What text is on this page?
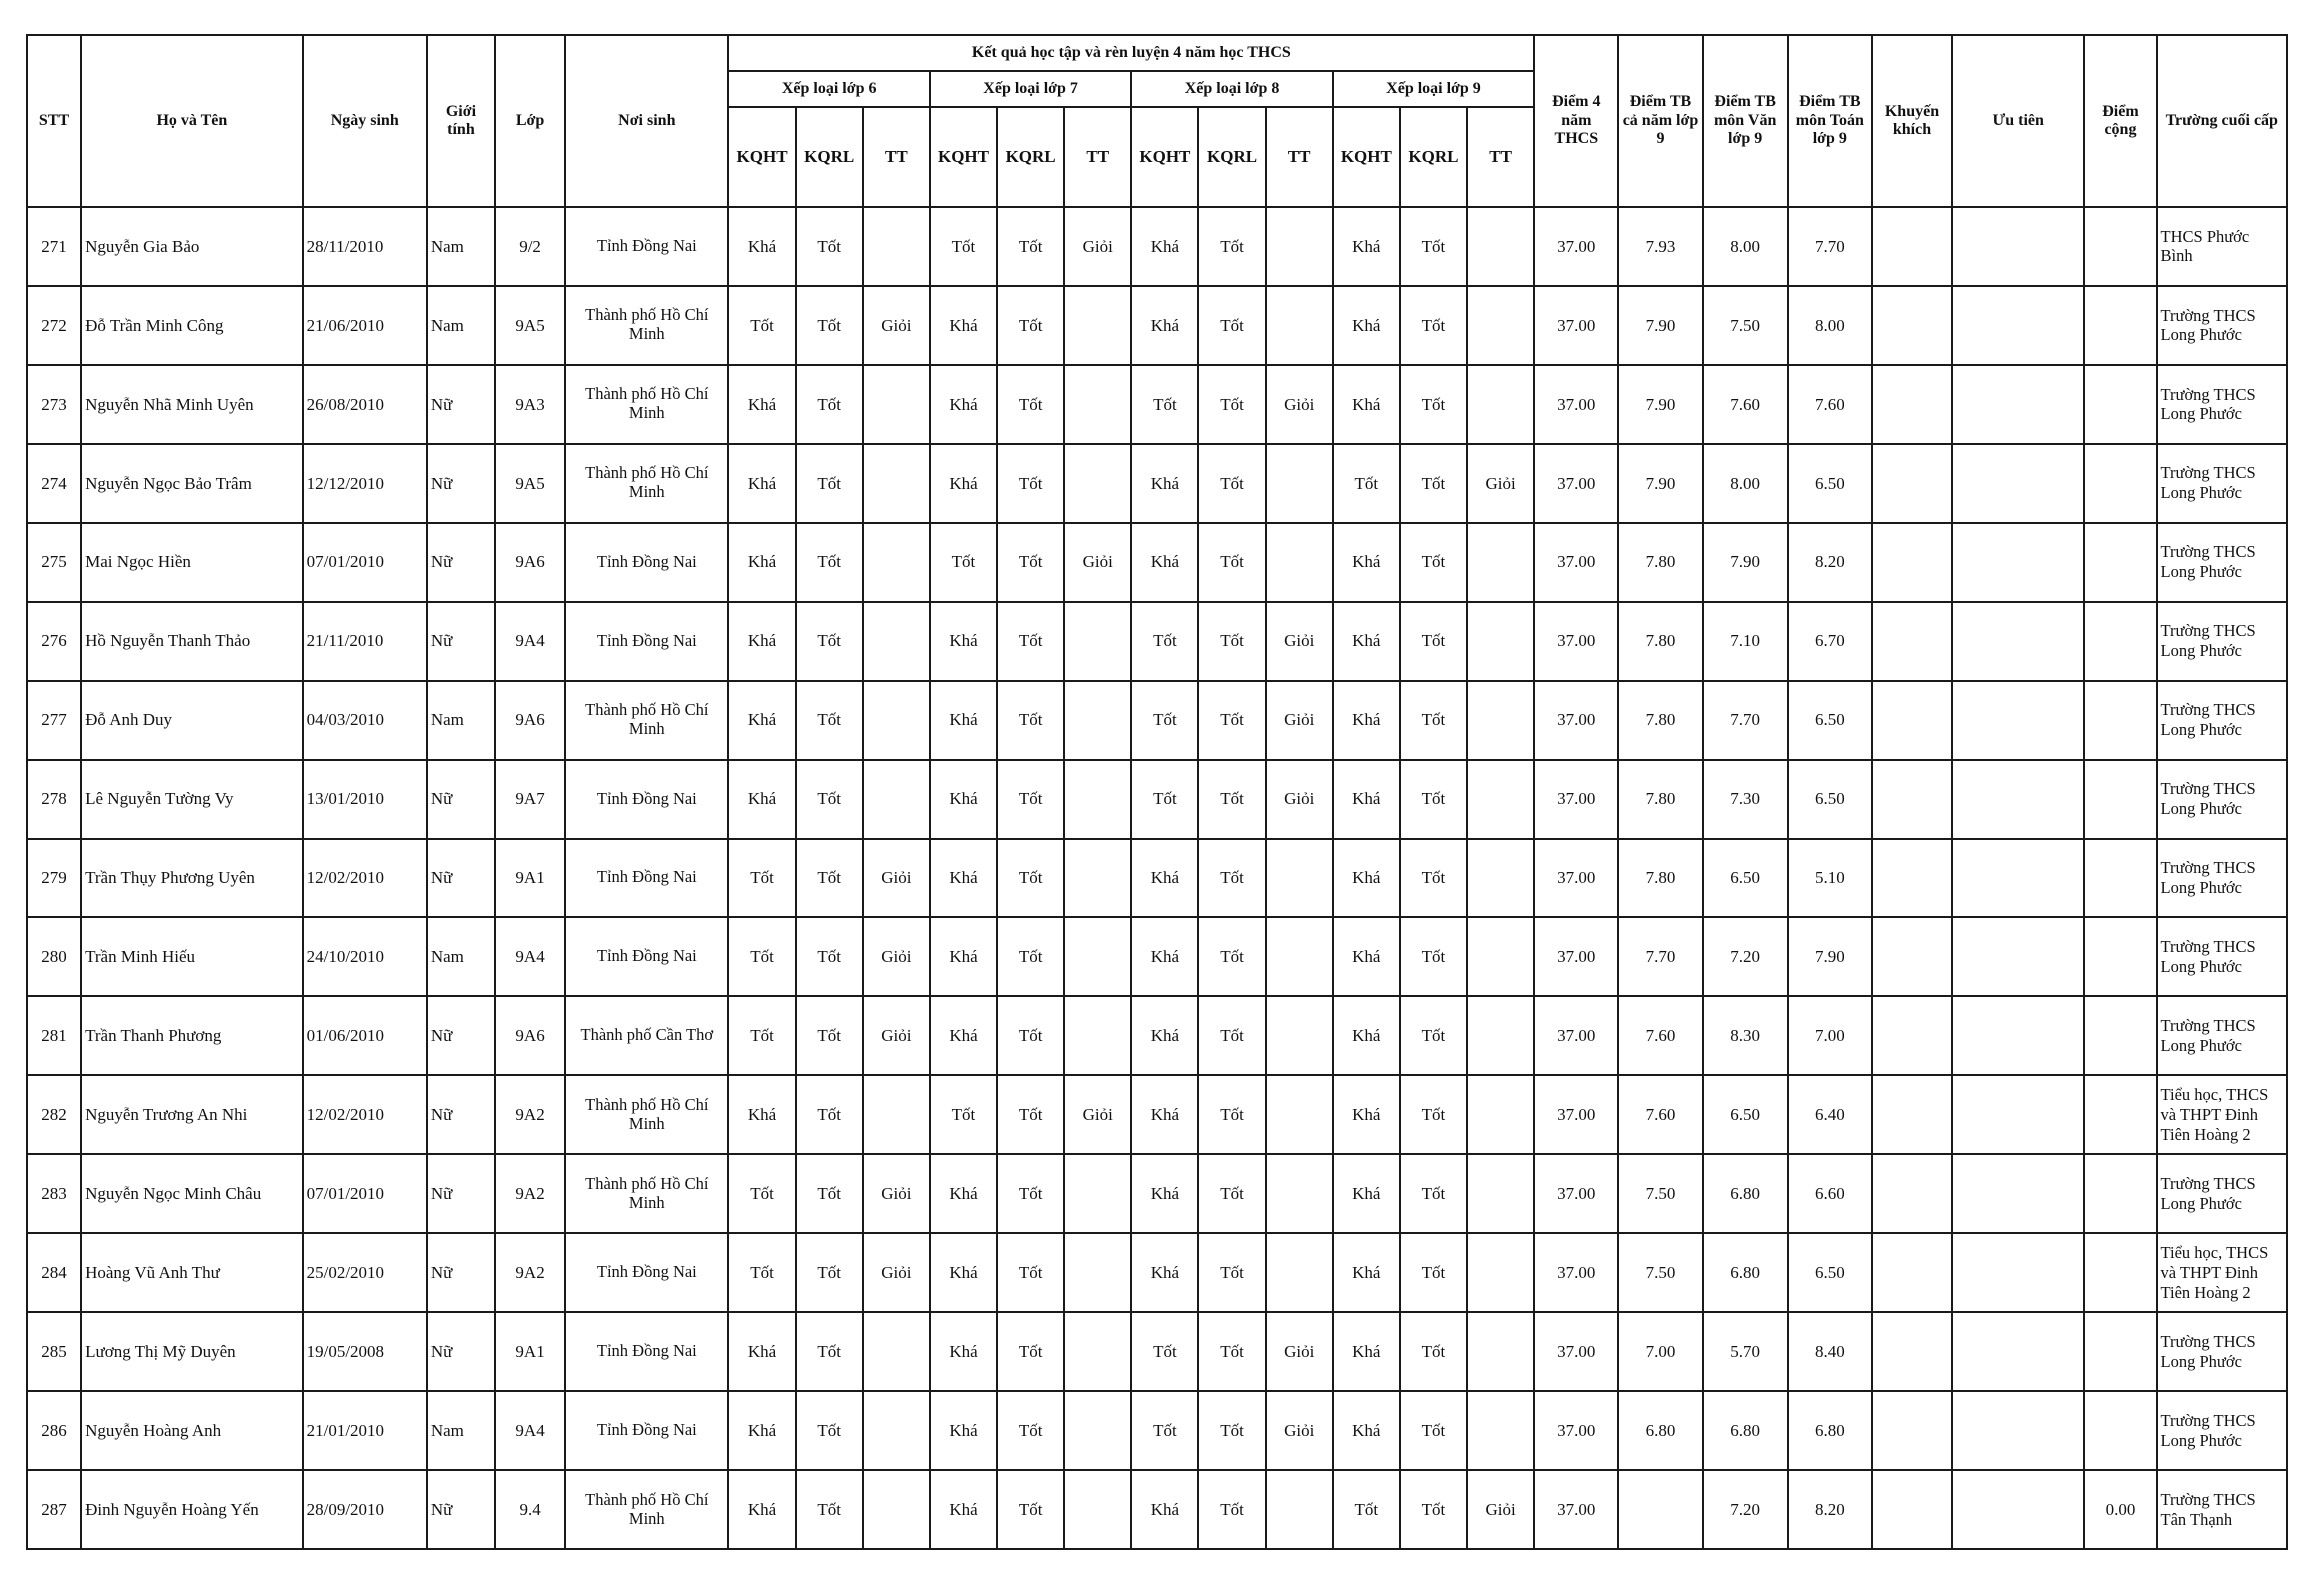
STT	Họ và Tên	Ngày sinh	Giới tính	Lớp	Nơi sinh	Kết quả học tập và rèn luyện 4 năm học THCS												Điểm 4 năm THCS	Điểm TB cả năm lớp 9	Điểm TB môn Văn lớp 9	Điểm TB môn Toán lớp 9	Khuyến khích	Ưu tiên	Điểm cộng	Trường cuối cấp
						Xếp loại lớp 6			Xếp loại lớp 7			Xếp loại lớp 8			Xếp loại lớp 9										
						KQHT	KQRL	TT	KQHT	KQRL	TT	KQHT	KQRL	TT	KQHT	KQRL	TT								
271	Nguyễn Gia Bảo	28/11/2010	Nam	9/2	Tỉnh Đồng Nai	Khá	Tốt		Tốt	Tốt	Giỏi	Khá	Tốt		Khá	Tốt		37.00	7.93	8.00	7.70				THCS Phước Bình
272	Đỗ Trần Minh Công	21/06/2010	Nam	9A5	Thành phố Hồ Chí Minh	Tốt	Tốt	Giỏi	Khá	Tốt		Khá	Tốt		Khá	Tốt		37.00	7.90	7.50	8.00				Trường THCS Long Phước
273	Nguyễn Nhã Minh Uyên	26/08/2010	Nữ	9A3	Thành phố Hồ Chí Minh	Khá	Tốt		Khá	Tốt		Tốt	Tốt	Giỏi	Khá	Tốt		37.00	7.90	7.60	7.60				Trường THCS Long Phước
274	Nguyễn Ngọc Bảo Trâm	12/12/2010	Nữ	9A5	Thành phố Hồ Chí Minh	Khá	Tốt		Khá	Tốt		Khá	Tốt		Tốt	Tốt	Giỏi	37.00	7.90	8.00	6.50				Trường THCS Long Phước
275	Mai Ngọc Hiền	07/01/2010	Nữ	9A6	Tỉnh Đồng Nai	Khá	Tốt		Tốt	Tốt	Giỏi	Khá	Tốt		Khá	Tốt		37.00	7.80	7.90	8.20				Trường THCS Long Phước
276	Hồ Nguyễn Thanh Thảo	21/11/2010	Nữ	9A4	Tỉnh Đồng Nai	Khá	Tốt		Khá	Tốt		Tốt	Tốt	Giỏi	Khá	Tốt		37.00	7.80	7.10	6.70				Trường THCS Long Phước
277	Đỗ Anh Duy	04/03/2010	Nam	9A6	Thành phố Hồ Chí Minh	Khá	Tốt		Khá	Tốt		Tốt	Tốt	Giỏi	Khá	Tốt		37.00	7.80	7.70	6.50				Trường THCS Long Phước
278	Lê Nguyễn Tường Vy	13/01/2010	Nữ	9A7	Tỉnh Đồng Nai	Khá	Tốt		Khá	Tốt		Tốt	Tốt	Giỏi	Khá	Tốt		37.00	7.80	7.30	6.50				Trường THCS Long Phước
279	Trần Thụy Phương Uyên	12/02/2010	Nữ	9A1	Tỉnh Đồng Nai	Tốt	Tốt	Giỏi	Khá	Tốt		Khá	Tốt		Khá	Tốt		37.00	7.80	6.50	5.10				Trường THCS Long Phước
280	Trần Minh Hiếu	24/10/2010	Nam	9A4	Tỉnh Đồng Nai	Tốt	Tốt	Giỏi	Khá	Tốt		Khá	Tốt		Khá	Tốt		37.00	7.70	7.20	7.90				Trường THCS Long Phước
281	Trần Thanh Phương	01/06/2010	Nữ	9A6	Thành phố Cần Thơ	Tốt	Tốt	Giỏi	Khá	Tốt		Khá	Tốt		Khá	Tốt		37.00	7.60	8.30	7.00				Trường THCS Long Phước
282	Nguyễn Trương An Nhi	12/02/2010	Nữ	9A2	Thành phố Hồ Chí Minh	Khá	Tốt		Tốt	Tốt	Giỏi	Khá	Tốt		Khá	Tốt		37.00	7.60	6.50	6.40				Tiểu học, THCS và THPT Đinh Tiên Hoàng 2
283	Nguyễn Ngọc Minh Châu	07/01/2010	Nữ	9A2	Thành phố Hồ Chí Minh	Tốt	Tốt	Giỏi	Khá	Tốt		Khá	Tốt		Khá	Tốt		37.00	7.50	6.80	6.60				Trường THCS Long Phước
284	Hoàng Vũ Anh Thư	25/02/2010	Nữ	9A2	Tỉnh Đồng Nai	Tốt	Tốt	Giỏi	Khá	Tốt		Khá	Tốt		Khá	Tốt		37.00	7.50	6.80	6.50				Tiểu học, THCS và THPT Đinh Tiên Hoàng 2
285	Lương Thị Mỹ Duyên	19/05/2008	Nữ	9A1	Tỉnh Đồng Nai	Khá	Tốt		Khá	Tốt		Tốt	Tốt	Giỏi	Khá	Tốt		37.00	7.00	5.70	8.40				Trường THCS Long Phước
286	Nguyễn Hoàng Anh	21/01/2010	Nam	9A4	Tỉnh Đồng Nai	Khá	Tốt		Khá	Tốt		Tốt	Tốt	Giỏi	Khá	Tốt		37.00	6.80	6.80	6.80				Trường THCS Long Phước
287	Đinh Nguyễn Hoàng Yến	28/09/2010	Nữ	9.4	Thành phố Hồ Chí Minh	Khá	Tốt		Khá	Tốt		Khá	Tốt		Tốt	Tốt	Giỏi	37.00		7.20	8.20			0.00	Trường THCS Tân Thạnh
